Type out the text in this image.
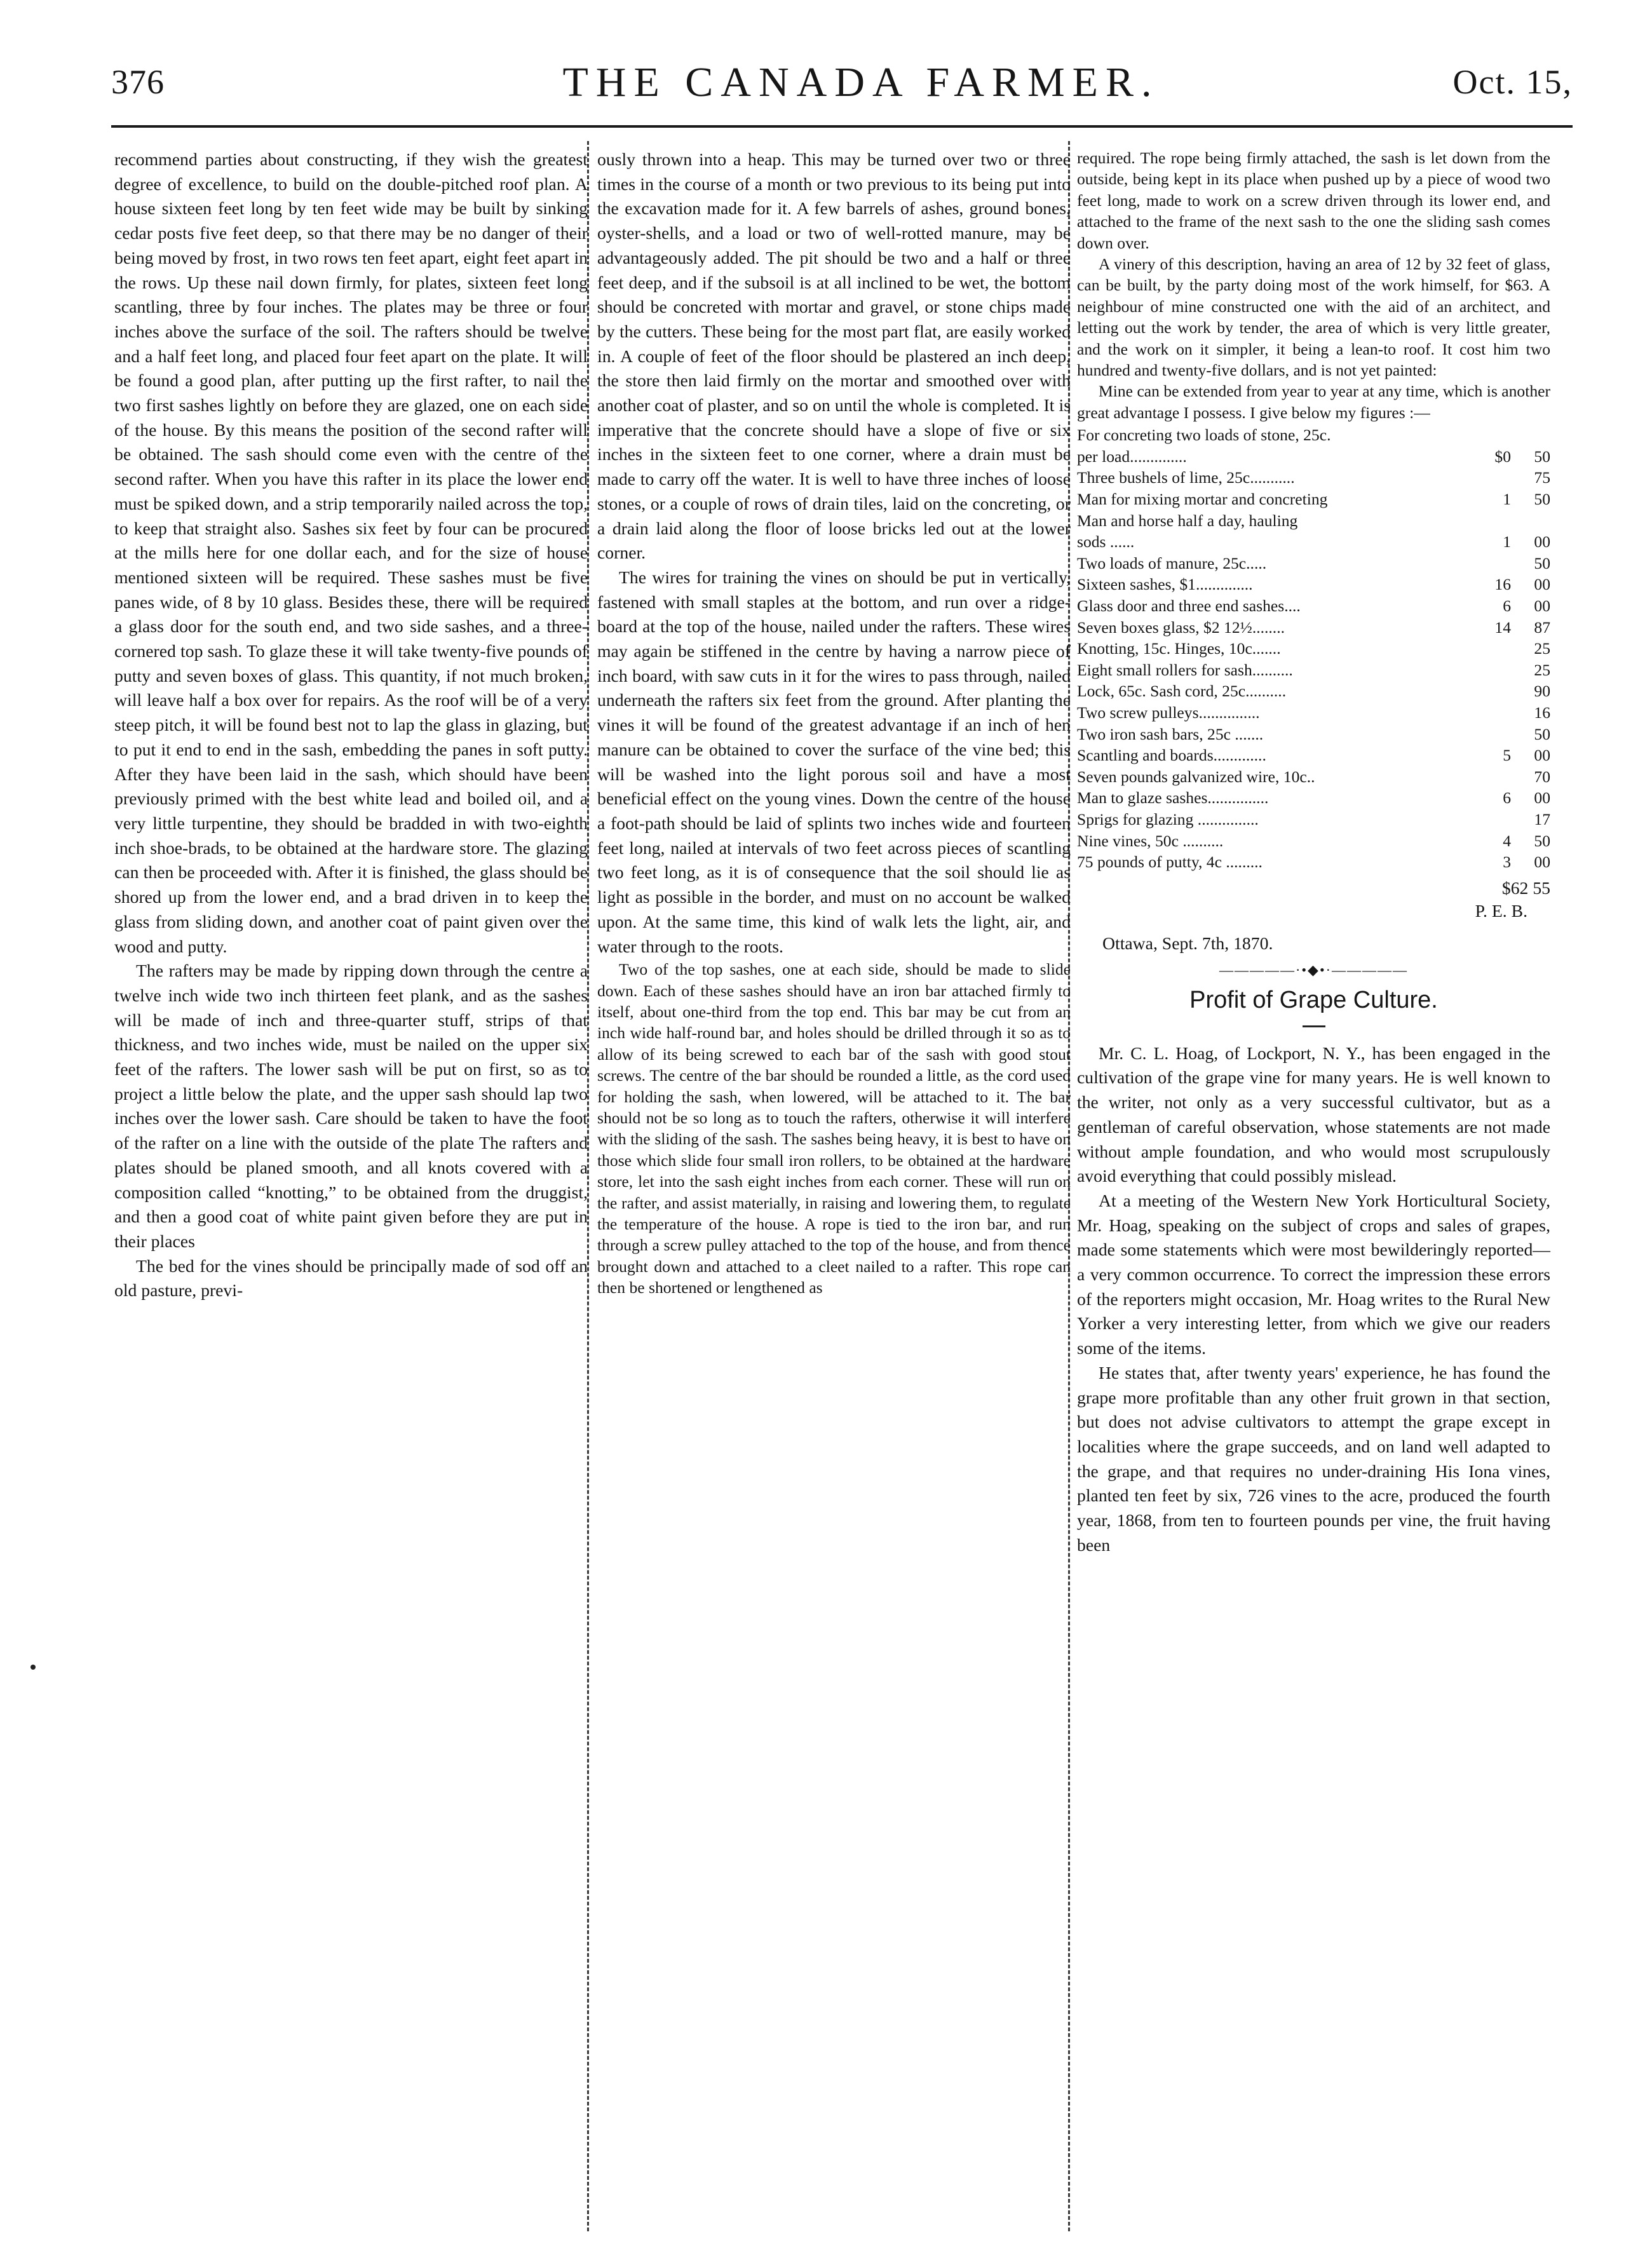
376	THE CANADA FARMER.	Oct. 15,

recommend parties about constructing, if they wish the greatest degree of excellence, to build on the double-pitched roof plan. A house sixteen feet long by ten feet wide may be built by sinking cedar posts five feet deep, so that there may be no danger of their being moved by frost, in two rows ten feet apart, eight feet apart in the rows. Up these nail down firmly, for plates, sixteen feet long scantling, three by four inches. The plates may be three or four inches above the surface of the soil. The rafters should be twelve and a half feet long, and placed four feet apart on the plate. It will be found a good plan, after putting up the first rafter, to nail the two first sashes lightly on before they are glazed, one on each side of the house. By this means the position of the second rafter will be obtained. The sash should come even with the centre of the second rafter. When you have this rafter in its place the lower end must be spiked down, and a strip temporarily nailed across the top, to keep that straight also. Sashes six feet by four can be procured at the mills here for one dollar each, and for the size of house mentioned sixteen will be required. These sashes must be five panes wide, of 8 by 10 glass. Besides these, there will be required a glass door for the south end, and two side sashes, and a three-cornered top sash. To glaze these it will take twenty-five pounds of putty and seven boxes of glass. This quantity, if not much broken, will leave half a box over for repairs. As the roof will be of a very steep pitch, it will be found best not to lap the glass in glazing, but to put it end to end in the sash, embedding the panes in soft putty. After they have been laid in the sash, which should have been previously primed with the best white lead and boiled oil, and a very little turpentine, they should be bradded in with two-eighth inch shoe-brads, to be obtained at the hardware store. The glazing can then be proceeded with. After it is finished, the glass should be shored up from the lower end, and a brad driven in to keep the glass from sliding down, and another coat of paint given over the wood and putty.

The rafters may be made by ripping down through the centre a twelve inch wide two inch thirteen feet plank, and as the sashes will be made of inch and three-quarter stuff, strips of that thickness, and two inches wide, must be nailed on the upper six feet of the rafters. The lower sash will be put on first, so as to project a little below the plate, and the upper sash should lap two inches over the lower sash. Care should be taken to have the foot of the rafter on a line with the outside of the plate The rafters and plates should be planed smooth, and all knots covered with a composition called “knotting,” to be obtained from the druggist, and then a good coat of white paint given before they are put in their places

The bed for the vines should be principally made of sod off an old pasture, previ-

ously thrown into a heap. This may be turned over two or three times in the course of a month or two previous to its being put into the excavation made for it. A few barrels of ashes, ground bones, oyster-shells, and a load or two of well-rotted manure, may be advantageously added. The pit should be two and a half or three feet deep, and if the subsoil is at all inclined to be wet, the bottom should be concreted with mortar and gravel, or stone chips made by the cutters. These being for the most part flat, are easily worked in. A couple of feet of the floor should be plastered an inch deep, the store then laid firmly on the mortar and smoothed over with another coat of plaster, and so on until the whole is completed. It is imperative that the concrete should have a slope of five or six inches in the sixteen feet to one corner, where a drain must be made to carry off the water. It is well to have three inches of loose stones, or a couple of rows of drain tiles, laid on the concreting, or a drain laid along the floor of loose bricks led out at the lower corner.

The wires for training the vines on should be put in vertically, fastened with small staples at the bottom, and run over a ridge-board at the top of the house, nailed under the rafters. These wires may again be stiffened in the centre by having a narrow piece of inch board, with saw cuts in it for the wires to pass through, nailed underneath the rafters six feet from the ground. After planting the vines it will be found of the greatest advantage if an inch of hen manure can be obtained to cover the surface of the vine bed; this will be washed into the light porous soil and have a most beneficial effect on the young vines. Down the centre of the house a foot-path should be laid of splints two inches wide and fourteen feet long, nailed at intervals of two feet across pieces of scantling two feet long, as it is of consequence that the soil should lie as light as possible in the border, and must on no account be walked upon. At the same time, this kind of walk lets the light, air, and water through to the roots.

Two of the top sashes, one at each side, should be made to slide down. Each of these sashes should have an iron bar attached firmly to itself, about one-third from the top end. This bar may be cut from an inch wide half-round bar, and holes should be drilled through it so as to allow of its being screwed to each bar of the sash with good stout screws. The centre of the bar should be rounded a little, as the cord used for holding the sash, when lowered, will be attached to it. The bar should not be so long as to touch the rafters, otherwise it will interfere with the sliding of the sash. The sashes being heavy, it is best to have on those which slide four small iron rollers, to be obtained at the hardware store, let into the sash eight inches from each corner. These will run on the rafter, and assist materially, in raising and lowering them, to regulate the temperature of the house. A rope is tied to the iron bar, and run through a screw pulley attached to the top of the house, and from thence brought down and attached to a cleet nailed to a rafter. This rope can then be shortened or lengthened as

required. The rope being firmly attached, the sash is let down from the outside, being kept in its place when pushed up by a piece of wood two feet long, made to work on a screw driven through its lower end, and attached to the frame of the next sash to the one the sliding sash comes down over.

A vinery of this description, having an area of 12 by 32 feet of glass, can be built, by the party doing most of the work himself, for $63. A neighbour of mine constructed one with the aid of an architect, and letting out the work by tender, the area of which is very little greater, and the work on it simpler, it being a lean-to roof. It cost him two hundred and twenty-five dollars, and is not yet painted:

Mine can be extended from year to year at any time, which is another great advantage I possess. I give below my figures :—

For concreting two loads of stone, 25c.		
per load..............	$0	50
Three bushels of lime, 25c...........		75
Man for mixing mortar and concreting	1	50
Man and horse half a day, hauling		
sods ......	1	00
Two loads of manure, 25c.....		50
Sixteen sashes, $1..............	16	00
Glass door and three end sashes....	6	00
Seven boxes glass, $2 12½........	14	87
Knotting, 15c. Hinges, 10c.......		25
Eight small rollers for sash..........		25
Lock, 65c. Sash cord, 25c..........		90
Two screw pulleys...............		16
Two iron sash bars, 25c .......		50
Scantling and boards.............	5	00
Seven pounds galvanized wire, 10c..		70
Man to glaze sashes...............	6	00
Sprigs for glazing ...............		17
Nine vines, 50c ..........	4	50
75 pounds of putty, 4c .........	3	00
$62 55
P. E. B.
Ottawa, Sept. 7th, 1870.
—————·•◆•·—————
Profit of Grape Culture.

Mr. C. L. Hoag, of Lockport, N. Y., has been engaged in the cultivation of the grape vine for many years. He is well known to the writer, not only as a very successful cultivator, but as a gentleman of careful observation, whose statements are not made without ample foundation, and who would most scrupulously avoid everything that could possibly mislead.

At a meeting of the Western New York Horticultural Society, Mr. Hoag, speaking on the subject of crops and sales of grapes, made some statements which were most bewilderingly reported—a very common occurrence. To correct the impression these errors of the reporters might occasion, Mr. Hoag writes to the Rural New Yorker a very interesting letter, from which we give our readers some of the items.

He states that, after twenty years' experience, he has found the grape more profitable than any other fruit grown in that section, but does not advise cultivators to attempt the grape except in localities where the grape succeeds, and on land well adapted to the grape, and that requires no under-draining His Iona vines, planted ten feet by six, 726 vines to the acre, produced the fourth year, 1868, from ten to fourteen pounds per vine, the fruit having been
